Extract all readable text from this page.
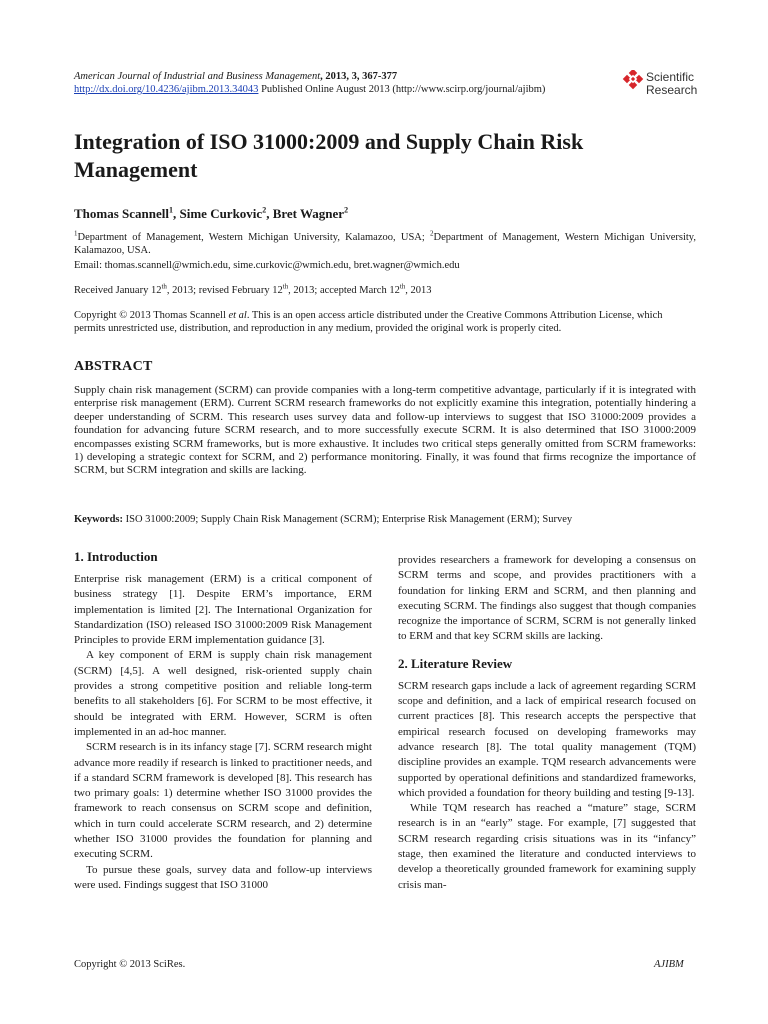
American Journal of Industrial and Business Management, 2013, 3, 367-377
http://dx.doi.org/10.4236/ajibm.2013.34043 Published Online August 2013 (http://www.scirp.org/journal/ajibm)
Scientific
Research
Integration of ISO 31000:2009 and Supply Chain Risk Management
Thomas Scannell$^1$, Sime Curkovic$^2$, Bret Wagner$^2$
$^1$Department of Management, Western Michigan University, Kalamazoo, USA; $^2$Department of Management, Western Michigan University, Kalamazoo, USA.
Email: thomas.scannell@wmich.edu, sime.curkovic@wmich.edu, bret.wagner@wmich.edu
Received January 12th, 2013; revised February 12th, 2013; accepted March 12th, 2013
Copyright © 2013 Thomas Scannell et al. This is an open access article distributed under the Creative Commons Attribution License, which permits unrestricted use, distribution, and reproduction in any medium, provided the original work is properly cited.
ABSTRACT
Supply chain risk management (SCRM) can provide companies with a long-term competitive advantage, particularly if it is integrated with enterprise risk management (ERM). Current SCRM research frameworks do not explicitly examine this integration, potentially hindering a deeper understanding of SCRM. This research uses survey data and follow-up interviews to suggest that ISO 31000:2009 provides a foundation for advancing future SCRM research, and to more successfully execute SCRM. It is also determined that ISO 31000:2009 encompasses existing SCRM frameworks, but is more exhaustive. It includes two critical steps generally omitted from SCRM frameworks: 1) developing a strategic context for SCRM, and 2) performance monitoring. Finally, it was found that firms recognize the importance of SCRM, but SCRM integration and skills are lacking.
Keywords: ISO 31000:2009; Supply Chain Risk Management (SCRM); Enterprise Risk Management (ERM); Survey
1. Introduction

Enterprise risk management (ERM) is a critical component of business strategy [1]. Despite ERM’s importance, ERM implementation is limited [2]. The International Organization for Standardization (ISO) released ISO 31000:2009 Risk Management Principles to provide ERM implementation guidance [3].

A key component of ERM is supply chain risk management (SCRM) [4,5]. A well designed, risk-oriented supply chain provides a strong competitive position and reliable long-term benefits to all stakeholders [6]. For SCRM to be most effective, it should be integrated with ERM. However, SCRM is often implemented in an ad-hoc manner.

SCRM research is in its infancy stage [7]. SCRM research might advance more readily if research is linked to practitioner needs, and if a standard SCRM framework is developed [8]. This research has two primary goals: 1) determine whether ISO 31000 provides the framework to reach consensus on SCRM scope and definition, which in turn could accelerate SCRM research, and 2) determine whether ISO 31000 provides the foundation for planning and executing SCRM.

To pursue these goals, survey data and follow-up interviews were used. Findings suggest that ISO 31000

provides researchers a framework for developing a consensus on SCRM terms and scope, and provides practitioners with a foundation for linking ERM and SCRM, and then planning and executing SCRM. The findings also suggest that though companies recognize the importance of SCRM, SCRM is not generally linked to ERM and that key SCRM skills are lacking.

2. Literature Review

SCRM research gaps include a lack of agreement regarding SCRM scope and definition, and a lack of empirical research focused on current practices [8]. This research accepts the perspective that empirical research focused on developing frameworks may advance research [8]. The total quality management (TQM) discipline provides an example. TQM research advancements were supported by operational definitions and standardized frameworks, which provided a foundation for theory building and testing [9-13].

While TQM research has reached a “mature” stage, SCRM research is in an “early” stage. For example, [7] suggested that SCRM research regarding crisis situations was in its “infancy” stage, then examined the literature and conducted interviews to develop a theoretically grounded framework for examining supply crisis man-

Copyright © 2013 SciRes.	AJIBM
